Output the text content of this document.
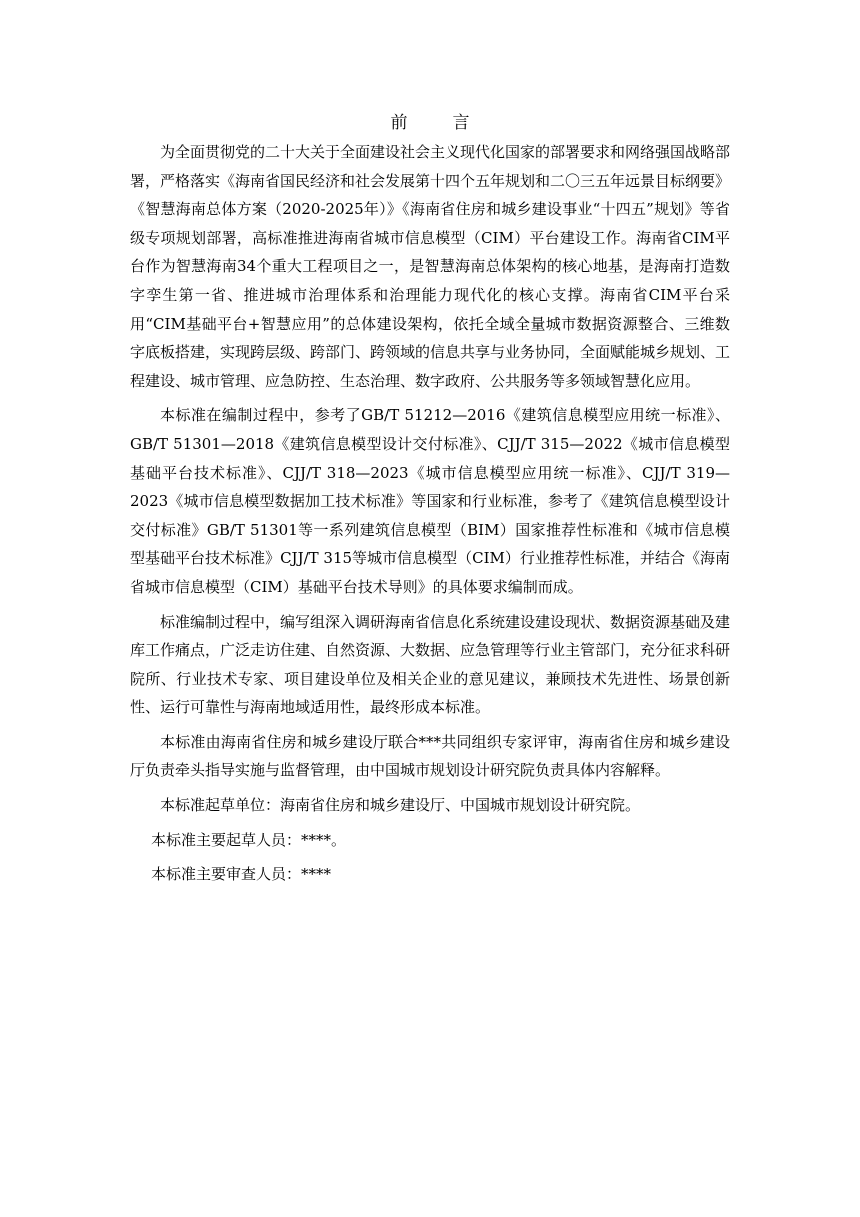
前　言

为全面贯彻党的二十大关于全面建设社会主义现代化国家的部署要求和网络强国战略部署，严格落实《海南省国民经济和社会发展第十四个五年规划和二〇三五年远景目标纲要》《智慧海南总体方案（2020-2025年）》《海南省住房和城乡建设事业“十四五”规划》等省级专项规划部署，高标准推进海南省城市信息模型（CIM）平台建设工作。海南省CIM平台作为智慧海南34个重大工程项目之一，是智慧海南总体架构的核心地基，是海南打造数字孪生第一省、推进城市治理体系和治理能力现代化的核心支撑。海南省CIM平台采用“CIM基础平台+智慧应用”的总体建设架构，依托全域全量城市数据资源整合、三维数字底板搭建，实现跨层级、跨部门、跨领域的信息共享与业务协同，全面赋能城乡规划、工程建设、城市管理、应急防控、生态治理、数字政府、公共服务等多领域智慧化应用。

本标准在编制过程中，参考了GB/T 51212—2016《建筑信息模型应用统一标准》、GB/T 51301—2018《建筑信息模型设计交付标准》、CJJ/T 315—2022《城市信息模型基础平台技术标准》、CJJ/T 318—2023《城市信息模型应用统一标准》、CJJ/T 319—2023《城市信息模型数据加工技术标准》等国家和行业标准，参考了《建筑信息模型设计交付标准》GB/T 51301等一系列建筑信息模型（BIM）国家推荐性标准和《城市信息模型基础平台技术标准》CJJ/T 315等城市信息模型（CIM）行业推荐性标准，并结合《海南省城市信息模型（CIM）基础平台技术导则》的具体要求编制而成。

标准编制过程中，编写组深入调研海南省信息化系统建设建设现状、数据资源基础及建库工作痛点，广泛走访住建、自然资源、大数据、应急管理等行业主管部门，充分征求科研院所、行业技术专家、项目建设单位及相关企业的意见建议，兼顾技术先进性、场景创新性、运行可靠性与海南地域适用性，最终形成本标准。

本标准由海南省住房和城乡建设厅联合***共同组织专家评审，海南省住房和城乡建设厅负责牵头指导实施与监督管理，由中国城市规划设计研究院负责具体内容解释。

本标准起草单位：海南省住房和城乡建设厅、中国城市规划设计研究院。

本标准主要起草人员：****。

本标准主要审查人员：****
